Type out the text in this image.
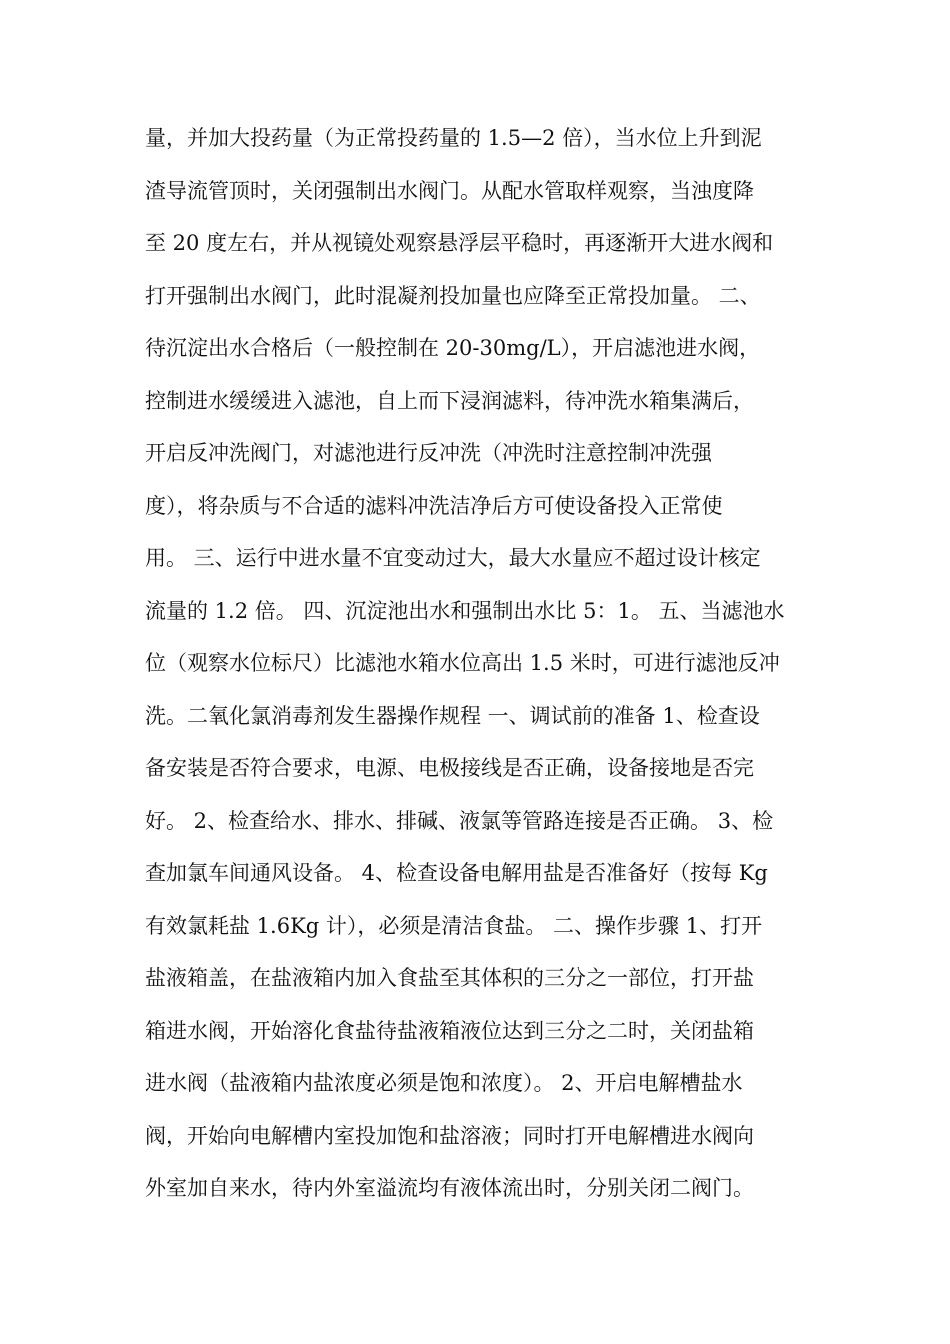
量，并加大投药量（为正常投药量的 1.5—2 倍），当水位上升到泥
渣导流管顶时，关闭强制出水阀门。从配水管取样观察，当浊度降
至 20 度左右，并从视镜处观察悬浮层平稳时，再逐渐开大进水阀和
打开强制出水阀门，此时混凝剂投加量也应降至正常投加量。 二、
待沉淀出水合格后（一般控制在 20-30mg/L），开启滤池进水阀，
控制进水缓缓进入滤池，自上而下浸润滤料，待冲洗水箱集满后，
开启反冲洗阀门，对滤池进行反冲洗（冲洗时注意控制冲洗强
度），将杂质与不合适的滤料冲洗洁净后方可使设备投入正常使
用。 三、运行中进水量不宜变动过大，最大水量应不超过设计核定
流量的 1.2 倍。 四、沉淀池出水和强制出水比 5：1。 五、当滤池水
位（观察水位标尺）比滤池水箱水位高出 1.5 米时，可进行滤池反冲
洗。二氧化氯消毒剂发生器操作规程 一、调试前的准备 1、检查设
备安装是否符合要求，电源、电极接线是否正确，设备接地是否完
好。 2、检查给水、排水、排碱、液氯等管路连接是否正确。 3、检
查加氯车间通风设备。 4、检查设备电解用盐是否准备好（按每 Kg
有效氯耗盐 1.6Kg 计），必须是清洁食盐。 二、操作步骤 1、打开
盐液箱盖，在盐液箱内加入食盐至其体积的三分之一部位，打开盐
箱进水阀，开始溶化食盐待盐液箱液位达到三分之二时，关闭盐箱
进水阀（盐液箱内盐浓度必须是饱和浓度）。 2、开启电解槽盐水
阀，开始向电解槽内室投加饱和盐溶液；同时打开电解槽进水阀向
外室加自来水，待内外室溢流均有液体流出时，分别关闭二阀门。
